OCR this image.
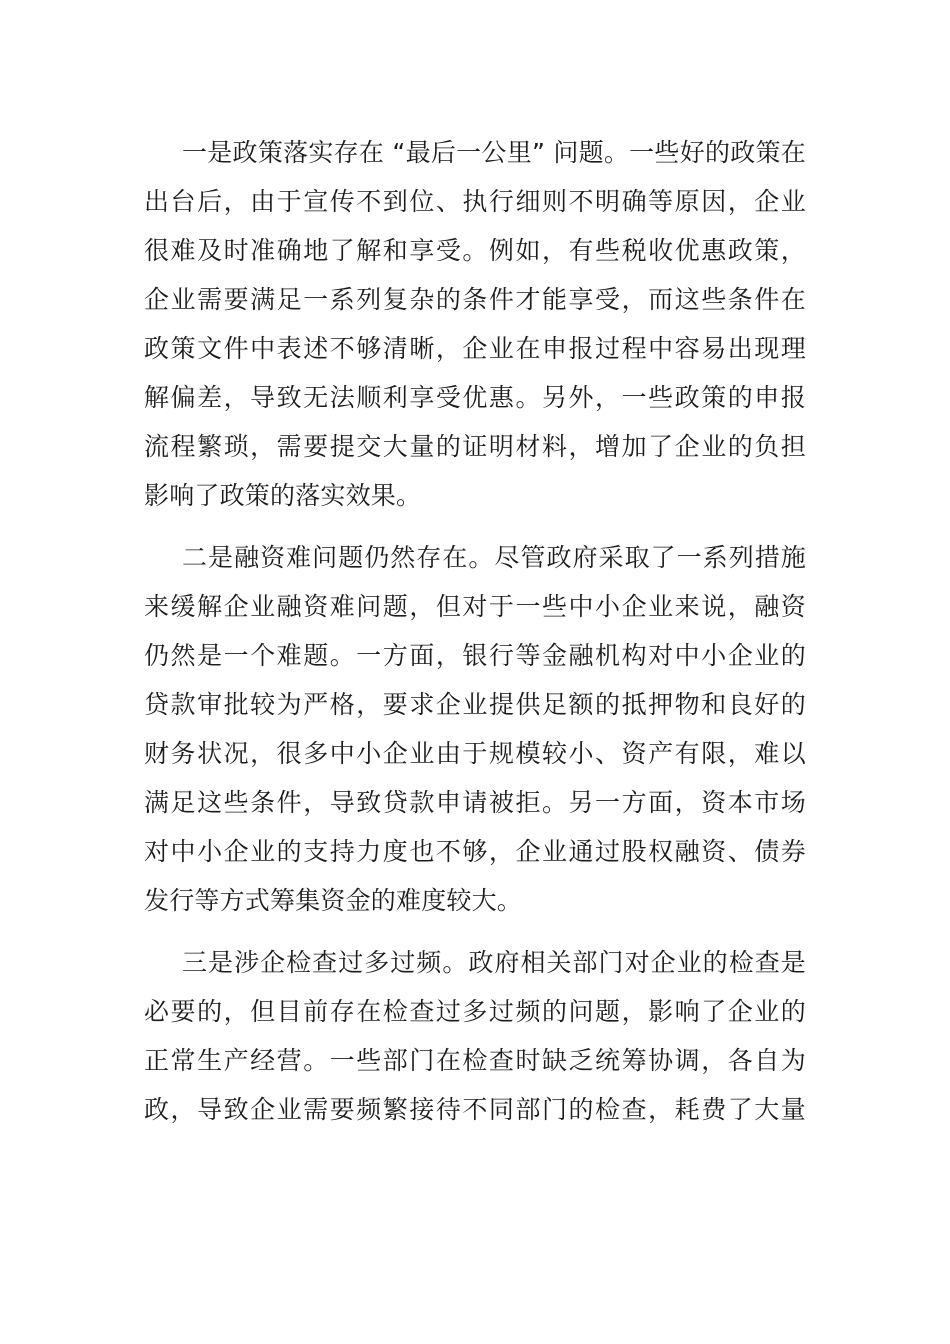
一是政策落实存在 “最后一公里” 问题。一些好的政策在
出台后，由于宣传不到位、执行细则不明确等原因，企业
很难及时准确地了解和享受。例如，有些税收优惠政策，
企业需要满足一系列复杂的条件才能享受，而这些条件在
政策文件中表述不够清晰，企业在申报过程中容易出现理
解偏差，导致无法顺利享受优惠。另外，一些政策的申报
流程繁琐，需要提交大量的证明材料，增加了企业的负担
影响了政策的落实效果。
二是融资难问题仍然存在。尽管政府采取了一系列措施
来缓解企业融资难问题，但对于一些中小企业来说，融资
仍然是一个难题。一方面，银行等金融机构对中小企业的
贷款审批较为严格，要求企业提供足额的抵押物和良好的
财务状况，很多中小企业由于规模较小、资产有限，难以
满足这些条件，导致贷款申请被拒。另一方面，资本市场
对中小企业的支持力度也不够，企业通过股权融资、债券
发行等方式筹集资金的难度较大。
三是涉企检查过多过频。政府相关部门对企业的检查是
必要的，但目前存在检查过多过频的问题，影响了企业的
正常生产经营。一些部门在检查时缺乏统筹协调，各自为
政，导致企业需要频繁接待不同部门的检查，耗费了大量
